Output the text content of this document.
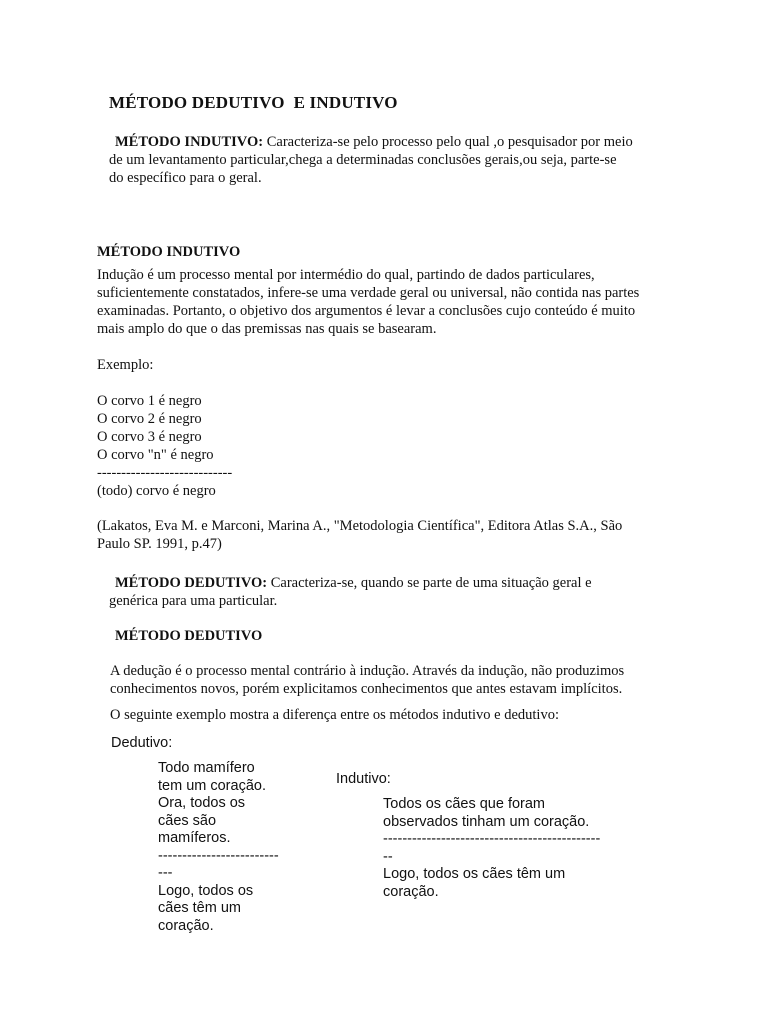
MÉTODO DEDUTIVO  E INDUTIVO
MÉTODO INDUTIVO: Caracteriza-se pelo processo pelo qual ,o pesquisador por meio
de um levantamento particular,chega a determinadas conclusões gerais,ou seja, parte-se
do específico para o geral.
MÉTODO INDUTIVO
Indução é um processo mental por intermédio do qual, partindo de dados particulares,
suficientemente constatados, infere-se uma verdade geral ou universal, não contida nas partes
examinadas. Portanto, o objetivo dos argumentos é levar a conclusões cujo conteúdo é muito
mais amplo do que o das premissas nas quais se basearam.
Exemplo:
O corvo 1 é negro
O corvo 2 é negro
O corvo 3 é negro
O corvo "n" é negro
----------------------------
(todo) corvo é negro
(Lakatos, Eva M. e Marconi, Marina A., "Metodologia Científica", Editora Atlas S.A., São
Paulo SP. 1991, p.47)
MÉTODO DEDUTIVO: Caracteriza-se, quando se parte de uma situação geral e
genérica para uma particular.
MÉTODO DEDUTIVO
A dedução é o processo mental contrário à indução. Através da indução, não produzimos
conhecimentos novos, porém explicitamos conhecimentos que antes estavam implícitos.
O seguinte exemplo mostra a diferença entre os métodos indutivo e dedutivo:
Dedutivo:
Todo mamífero
tem um coração.
Ora, todos os
cães são
mamíferos.
-------------------------
---
Logo, todos os
cães têm um
coração.
Indutivo:
Todos os cães que foram
observados tinham um coração.
---------------------------------------------
--
Logo, todos os cães têm um
coração.
